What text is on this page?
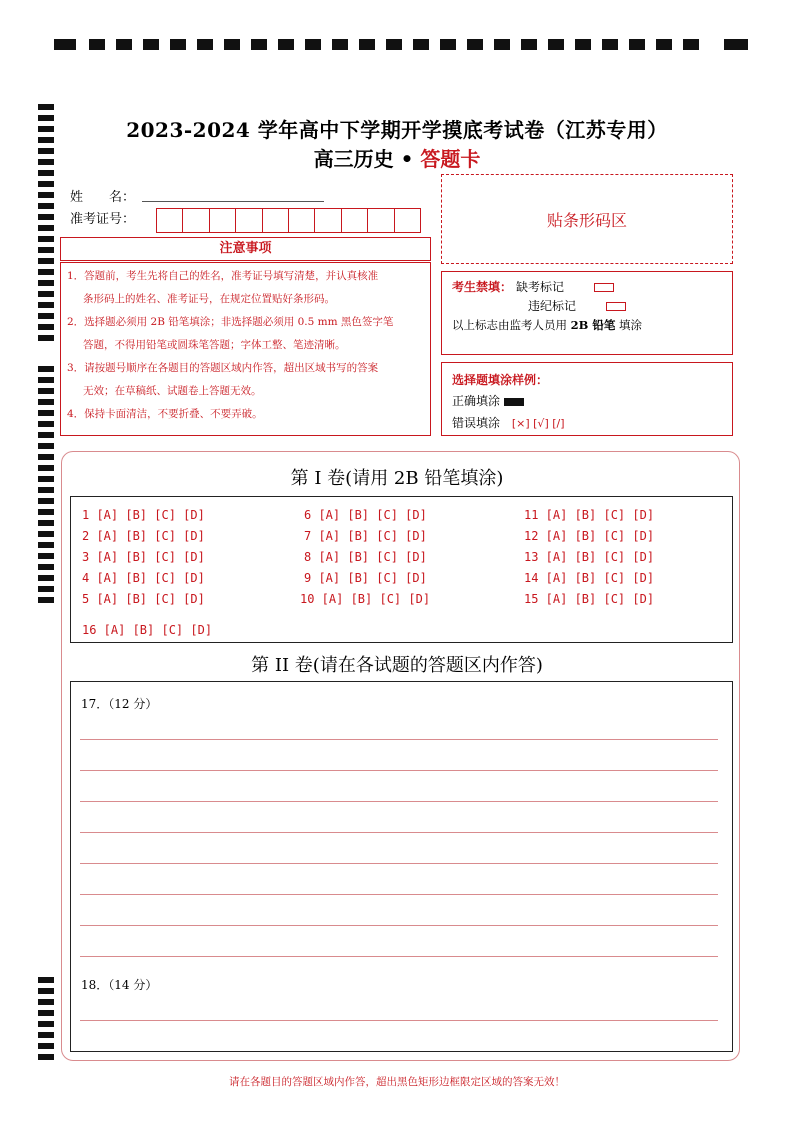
2023-2024 学年高中下学期开学摸底考试卷（江苏专用）
高三历史 • 答题卡
姓　　名：
准考证号：	贴条形码区
注意事项

1．答题前，考生先将自己的姓名，准考证号填写清楚，并认真核准

条形码上的姓名、准考证号，在规定位置贴好条形码。

2．选择题必须用 2B 铅笔填涂；非选择题必须用 0.5 mm 黑色签字笔

答题，不得用铅笔或圆珠笔答题；字体工整、笔迹清晰。

3．请按题号顺序在各题目的答题区域内作答，超出区域书写的答案

无效；在草稿纸、试题卷上答题无效。

4．保持卡面清洁，不要折叠、不要弄破。

考生禁填： 缺考标记
违纪标记
以上标志由监考人员用 2B 铅笔 填涂
选择题填涂样例：
正确填涂
错误填涂 [×] [√] [/]
第 I 卷(请用 2B 铅笔填涂)
1 [A] [B] [C] [D]
2 [A] [B] [C] [D]
3 [A] [B] [C] [D]
4 [A] [B] [C] [D]
5 [A] [B] [C] [D]
6 [A] [B] [C] [D]
7 [A] [B] [C] [D]
8 [A] [B] [C] [D]
9 [A] [B] [C] [D]
10 [A] [B] [C] [D]
11 [A] [B] [C] [D]
12 [A] [B] [C] [D]
13 [A] [B] [C] [D]
14 [A] [B] [C] [D]
15 [A] [B] [C] [D]
16 [A] [B] [C] [D]
第 II 卷(请在各试题的答题区内作答)
17．（12 分）
18．（14 分）
请在各题目的答题区域内作答，超出黑色矩形边框限定区域的答案无效！
